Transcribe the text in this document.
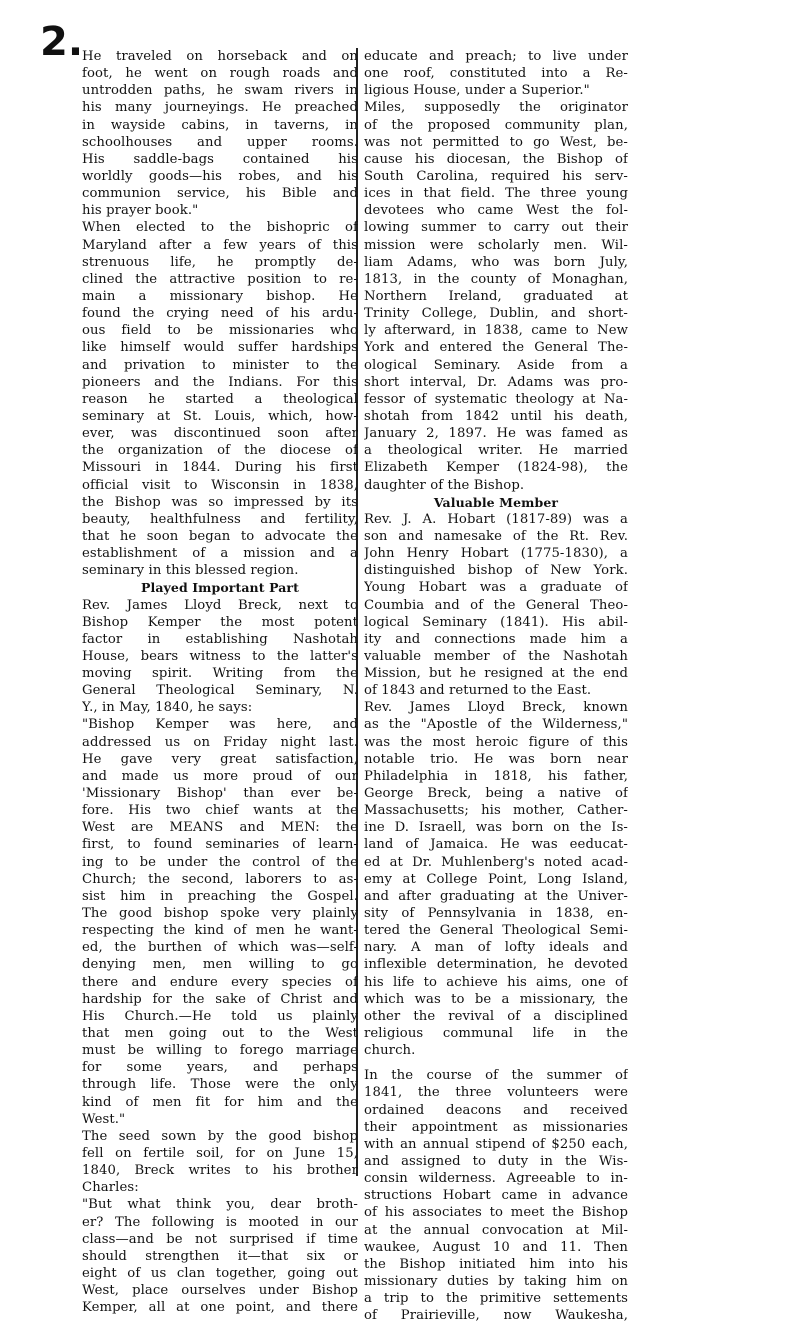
2.
He traveled on horseback and on
foot, he went on rough roads and
untrodden paths, he swam rivers in
his many journeyings. He preached
in wayside cabins, in taverns, in
schoolhouses and upper rooms.
His saddle-bags contained his
worldly goods—his robes, and his
communion service, his Bible and
his prayer book."
When elected to the bishopric of
Maryland after a few years of this
strenuous life, he promptly de-
clined the attractive position to re-
main a missionary bishop. He
found the crying need of his ardu-
ous field to be missionaries who
like himself would suffer hardships
and privation to minister to the
pioneers and the Indians. For this
reason he started a theological
seminary at St. Louis, which, how-
ever, was discontinued soon after
the organization of the diocese of
Missouri in 1844. During his first
official visit to Wisconsin in 1838,
the Bishop was so impressed by its
beauty, healthfulness and fertility,
that he soon began to advocate the
establishment of a mission and a
seminary in this blessed region.
Played Important Part
Rev. James Lloyd Breck, next to
Bishop Kemper the most potent
factor in establishing Nashotah
House, bears witness to the latter's
moving spirit. Writing from the
General Theological Seminary, N.
Y., in May, 1840, he says:
"Bishop Kemper was here, and
addressed us on Friday night last.
He gave very great satisfaction,
and made us more proud of our
'Missionary Bishop' than ever be-
fore. His two chief wants at the
West are MEANS and MEN: the
first, to found seminaries of learn-
ing to be under the control of the
Church; the second, laborers to as-
sist him in preaching the Gospel.
The good bishop spoke very plainly
respecting the kind of men he want-
ed, the burthen of which was—self-
denying men, men willing to go
there and endure every species of
hardship for the sake of Christ and
His Church.—He told us plainly
that men going out to the West
must be willing to forego marriage
for some years, and perhaps
through life. Those were the only
kind of men fit for him and the
West."
The seed sown by the good bishop
fell on fertile soil, for on June 15,
1840, Breck writes to his brother
Charles:
"But what think you, dear broth-
er? The following is mooted in our
class—and be not surprised if time
should strengthen it—that six or
eight of us clan together, going out
West, place ourselves under Bishop
Kemper, all at one point, and there
educate and preach; to live under
one roof, constituted into a Re-
ligious House, under a Superior."
Miles, supposedly the originator
of the proposed community plan,
was not permitted to go West, be-
cause his diocesan, the Bishop of
South Carolina, required his serv-
ices in that field. The three young
devotees who came West the fol-
lowing summer to carry out their
mission were scholarly men. Wil-
liam Adams, who was born July,
1813, in the county of Monaghan,
Northern Ireland, graduated at
Trinity College, Dublin, and short-
ly afterward, in 1838, came to New
York and entered the General The-
ological Seminary. Aside from a
short interval, Dr. Adams was pro-
fessor of systematic theology at Na-
shotah from 1842 until his death,
January 2, 1897. He was famed as
a theological writer. He married
Elizabeth Kemper (1824-98), the
daughter of the Bishop.
Valuable Member
Rev. J. A. Hobart (1817-89) was a
son and namesake of the Rt. Rev.
John Henry Hobart (1775-1830), a
distinguished bishop of New York.
Young Hobart was a graduate of
Coumbia and of the General Theo-
logical Seminary (1841). His abil-
ity and connections made him a
valuable member of the Nashotah
Mission, but he resigned at the end
of 1843 and returned to the East.
Rev. James Lloyd Breck, known
as the "Apostle of the Wilderness,"
was the most heroic figure of this
notable trio. He was born near
Philadelphia in 1818, his father,
George Breck, being a native of
Massachusetts; his mother, Cather-
ine D. Israell, was born on the Is-
land of Jamaica. He was eeducat-
ed at Dr. Muhlenberg's noted acad-
emy at College Point, Long Island,
and after graduating at the Univer-
sity of Pennsylvania in 1838, en-
tered the General Theological Semi-
nary. A man of lofty ideals and
inflexible determination, he devoted
his life to achieve his aims, one of
which was to be a missionary, the
other the revival of a disciplined
religious communal life in the
church.
In the course of the summer of
1841, the three volunteers were
ordained deacons and received
their appointment as missionaries
with an annual stipend of $250 each,
and assigned to duty in the Wis-
consin wilderness. Agreeable to in-
structions Hobart came in advance
of his associates to meet the Bishop
at the annual convocation at Mil-
waukee, August 10 and 11. Then
the Bishop initiated him into his
missionary duties by taking him on
a trip to the primitive settements
of Prairieville, now Waukesha,
